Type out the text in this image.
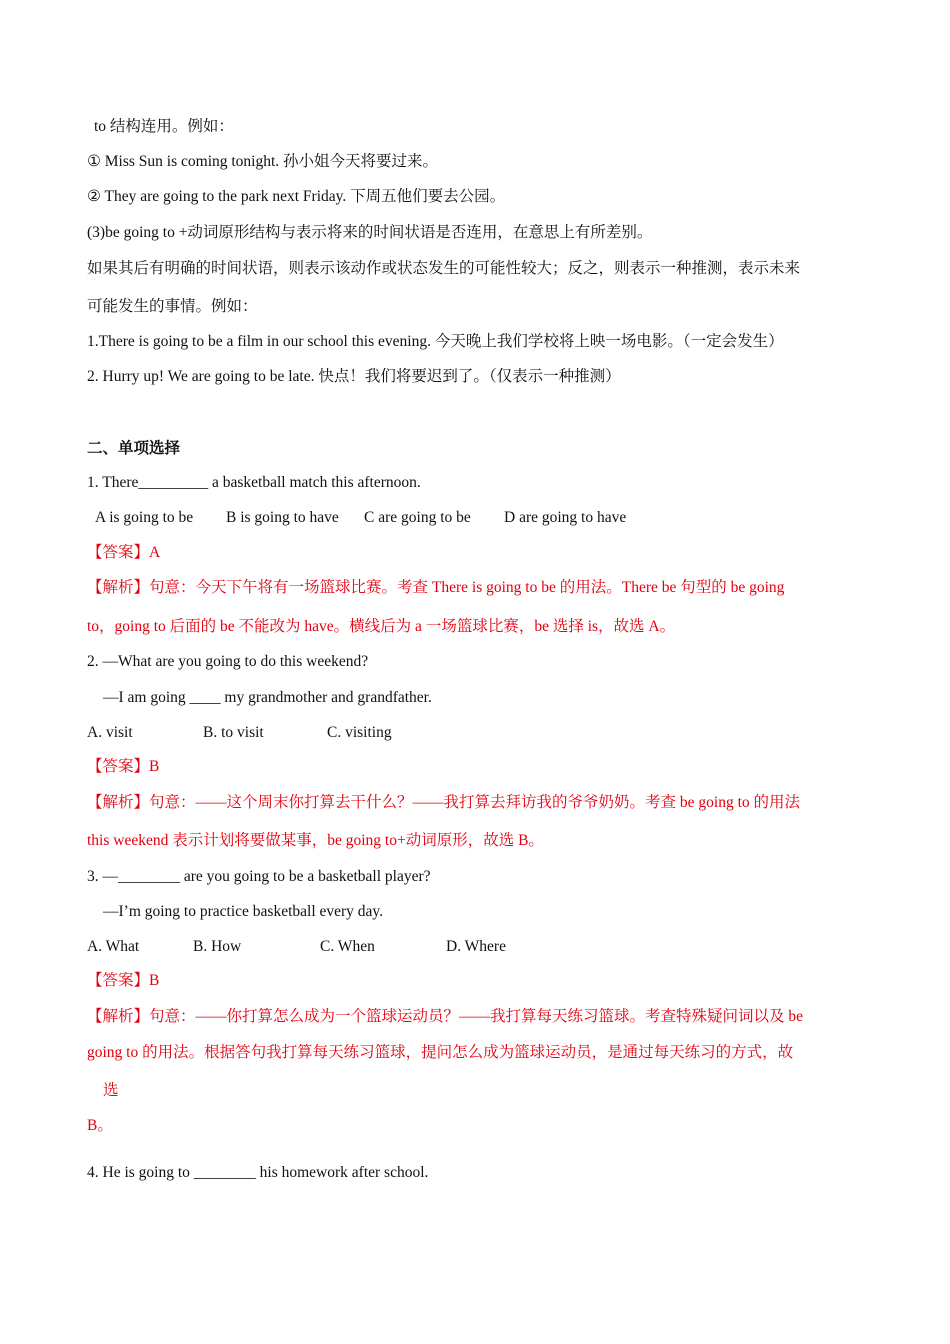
to 结构连用。例如：
① Miss Sun is coming tonight. 孙小姐今天将要过来。
② They are going to the park next Friday. 下周五他们要去公园。
(3)be going to +动词原形结构与表示将来的时间状语是否连用，在意思上有所差别。
如果其后有明确的时间状语，则表示该动作或状态发生的可能性较大；反之，则表示一种推测，表示未来
可能发生的事情。例如：
1.There is going to be a film in our school this evening. 今天晚上我们学校将上映一场电影。（一定会发生）
2. Hurry up! We are going to be late. 快点！我们将要迟到了。（仅表示一种推测）
二、单项选择
1. There_________ a basketball match this afternoon.
A is going to be B is going to have C are going to be D are going to have
【答案】A
【解析】句意：今天下午将有一场篮球比赛。考查 There is going to be 的用法。There be 句型的 be going
to，going to 后面的 be 不能改为 have。横线后为 a 一场篮球比赛，be 选择 is，故选 A。
2. —What are you going to do this weekend?
—I am going ____ my grandmother and grandfather.
A. visit	B. to visit	C. visiting
【答案】B
【解析】句意：——这个周末你打算去干什么？——我打算去拜访我的爷爷奶奶。考查 be going to 的用法
this weekend 表示计划将要做某事，be going to+动词原形，故选 B。
3. —________ are you going to be a basketball player?
—I’m going to practice basketball every day.
A. What	B. How	C. When	D. Where
【答案】B
【解析】句意：——你打算怎么成为一个篮球运动员？——我打算每天练习篮球。考查特殊疑问词以及 be
going to 的用法。根据答句我打算每天练习篮球，提问怎么成为篮球运动员，是通过每天练习的方式，故
选
B。
4. He is going to ________ his homework after school.
